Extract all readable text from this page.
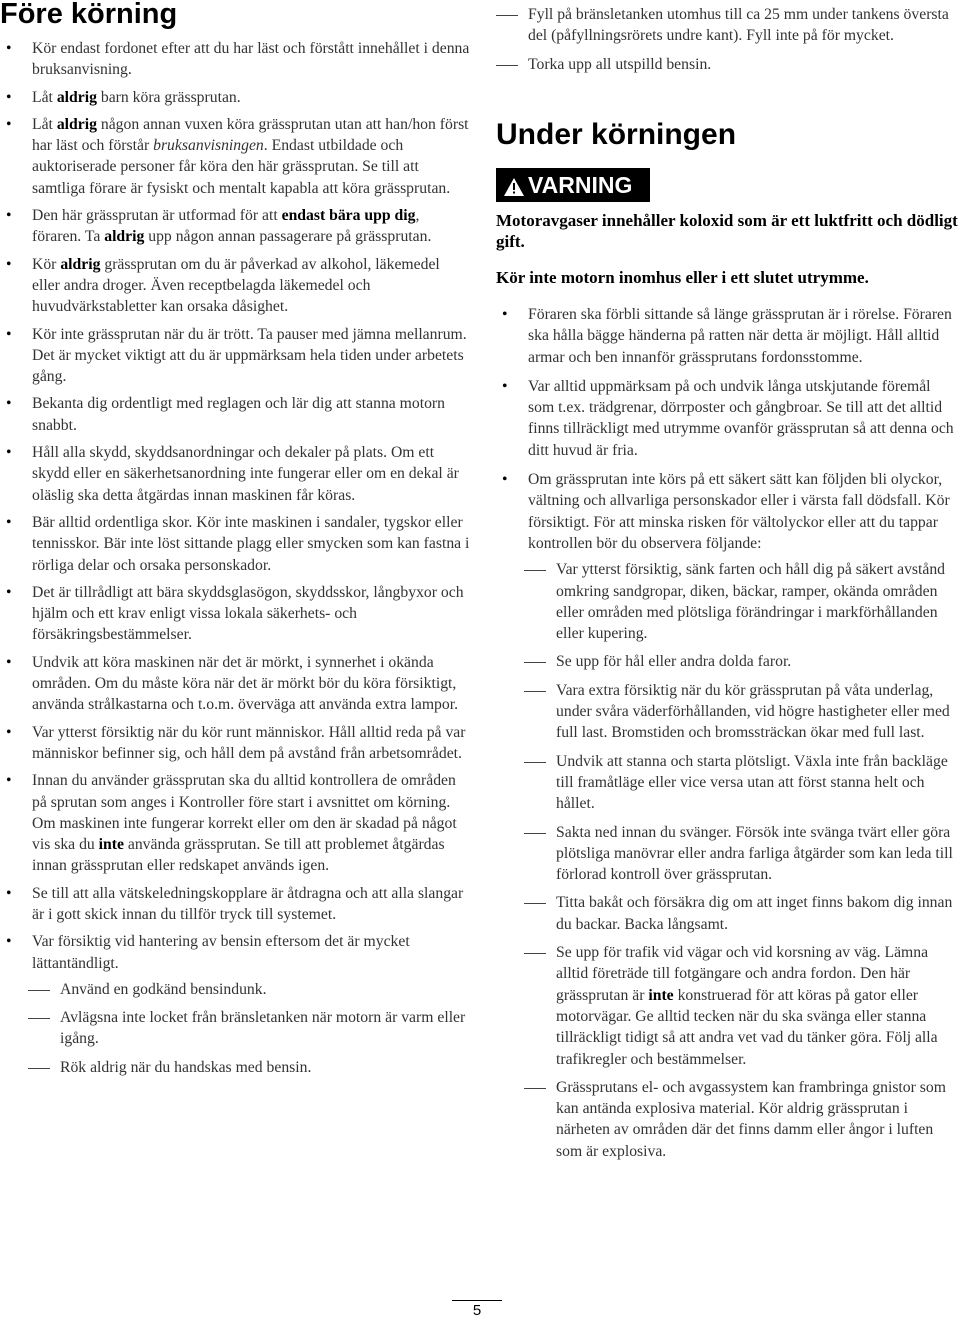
Före körning
• Kör endast fordonet efter att du har läst och förstått innehållet i denna bruksanvisning.
• Låt aldrig barn köra grässprutan.
• Låt aldrig någon annan vuxen köra grässprutan utan att han/hon först har läst och förstår bruksanvisningen. Endast utbildade och auktoriserade personer får köra den här grässprutan. Se till att samtliga förare är fysiskt och mentalt kapabla att köra grässprutan.
• Den här grässprutan är utformad för att endast bära upp dig, föraren. Ta aldrig upp någon annan passagerare på grässprutan.
• Kör aldrig grässprutan om du är påverkad av alkohol, läkemedel eller andra droger. Även receptbelagda läkemedel och huvudvärkstabletter kan orsaka dåsighet.
• Kör inte grässprutan när du är trött. Ta pauser med jämna mellanrum. Det är mycket viktigt att du är uppmärksam hela tiden under arbetets gång.
• Bekanta dig ordentligt med reglagen och lär dig att stanna motorn snabbt.
• Håll alla skydd, skyddsanordningar och dekaler på plats. Om ett skydd eller en säkerhetsanordning inte fungerar eller om en dekal är oläslig ska detta åtgärdas innan maskinen får köras.
• Bär alltid ordentliga skor. Kör inte maskinen i sandaler, tygskor eller tennisskor. Bär inte löst sittande plagg eller smycken som kan fastna i rörliga delar och orsaka personskador.
• Det är tillrådligt att bära skyddsglasögon, skyddsskor, långbyxor och hjälm och ett krav enligt vissa lokala säkerhets- och försäkringsbestämmelser.
• Undvik att köra maskinen när det är mörkt, i synnerhet i okända områden. Om du måste köra när det är mörkt bör du köra försiktigt, använda strålkastarna och t.o.m. överväga att använda extra lampor.
• Var ytterst försiktig när du kör runt människor. Håll alltid reda på var människor befinner sig, och håll dem på avstånd från arbetsområdet.
• Innan du använder grässprutan ska du alltid kontrollera de områden på sprutan som anges i Kontroller före start i avsnittet om körning. Om maskinen inte fungerar korrekt eller om den är skadad på något vis ska du inte använda grässprutan. Se till att problemet åtgärdas innan grässprutan eller redskapet används igen.
• Se till att alla vätskeledningskopplare är åtdragna och att alla slangar är i gott skick innan du tillför tryck till systemet.
• Var försiktig vid hantering av bensin eftersom det är mycket lättantändligt.
Använd en godkänd bensindunk.
Avlägsna inte locket från bränsletanken när motorn är varm eller igång.
Rök aldrig när du handskas med bensin.
Fyll på bränsletanken utomhus till ca 25 mm under tankens översta del (påfyllningsrörets undre kant). Fyll inte på för mycket.
Torka upp all utspilld bensin.
Under körningen
VARNING

Motoravgaser innehåller koloxid som är ett luktfritt och dödligt gift.

Kör inte motorn inomhus eller i ett slutet utrymme.

• Föraren ska förbli sittande så länge grässprutan är i rörelse. Föraren ska hålla bägge händerna på ratten när detta är möjligt. Håll alltid armar och ben innanför grässprutans fordonsstomme.
• Var alltid uppmärksam på och undvik långa utskjutande föremål som t.ex. trädgrenar, dörrposter och gångbroar. Se till att det alltid finns tillräckligt med utrymme ovanför grässprutan så att denna och ditt huvud är fria.
• Om grässprutan inte körs på ett säkert sätt kan följden bli olyckor, vältning och allvarliga personskador eller i värsta fall dödsfall. Kör försiktigt. För att minska risken för vältolyckor eller att du tappar kontrollen bör du observera följande:
Var ytterst försiktig, sänk farten och håll dig på säkert avstånd omkring sandgropar, diken, bäckar, ramper, okända områden eller områden med plötsliga förändringar i markförhållanden eller kupering.
Se upp för hål eller andra dolda faror.
Vara extra försiktig när du kör grässprutan på våta underlag, under svåra väderförhållanden, vid högre hastigheter eller med full last. Bromstiden och bromssträckan ökar med full last.
Undvik att stanna och starta plötsligt. Växla inte från backläge till framåtläge eller vice versa utan att först stanna helt och hållet.
Sakta ned innan du svänger. Försök inte svänga tvärt eller göra plötsliga manövrar eller andra farliga åtgärder som kan leda till förlorad kontroll över grässprutan.
Titta bakåt och försäkra dig om att inget finns bakom dig innan du backar. Backa långsamt.
Se upp för trafik vid vägar och vid korsning av väg. Lämna alltid företräde till fotgängare och andra fordon. Den här grässprutan är inte konstruerad för att köras på gator eller motorvägar. Ge alltid tecken när du ska svänga eller stanna tillräckligt tidigt så att andra vet vad du tänker göra. Följ alla trafikregler och bestämmelser.
Grässprutans el- och avgassystem kan frambringa gnistor som kan antända explosiva material. Kör aldrig grässprutan i närheten av områden där det finns damm eller ångor i luften som är explosiva.
5
